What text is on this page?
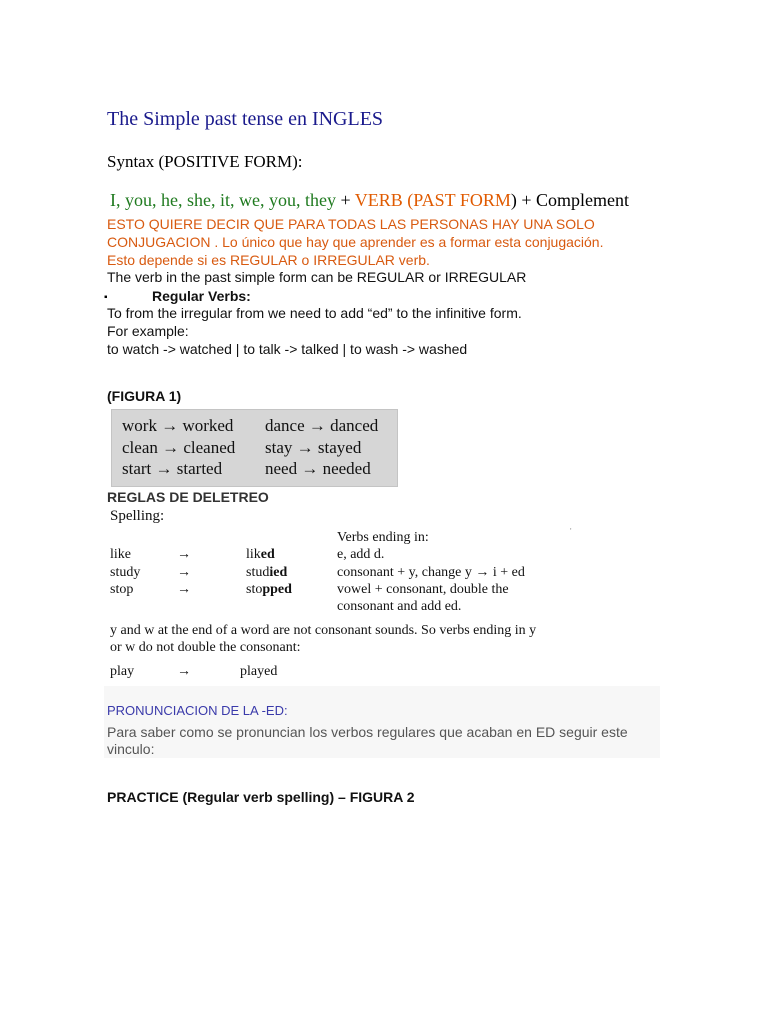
The Simple past tense en INGLES
Syntax (POSITIVE FORM):
I, you, he, she, it, we, you, they + VERB (PAST FORM) + Complement
ESTO QUIERE DECIR QUE PARA TODAS LAS PERSONAS HAY UNA SOLO
CONJUGACION . Lo único que hay que aprender es a formar esta conjugación.
Esto depende si es REGULAR o IRREGULAR verb.
The verb in the past simple form can be REGULAR or IRREGULAR
▪	Regular Verbs:
To from the irregular from we need to add “ed” to the infinitive form.
For example:
to watch -> watched | to talk -> talked | to wash -> washed
(FIGURA 1)
work → worked dance → danced
clean → cleaned stay → stayed
start → started	need → needed
REGLAS DE DELETREO
Spelling:
'
Verbs ending in:
like	→	liked	e, add d.
study	→	studied	consonant + y, change y → i + ed
stop	→	stopped	vowel + consonant, double the
consonant and add ed.
y and w at the end of a word are not consonant sounds. So verbs ending in y
or w do not double the consonant:
play	→	played
PRONUNCIACION DE LA -ED:
Para saber como se pronuncian los verbos regulares que acaban en ED seguir este vinculo:
PRACTICE (Regular verb spelling) – FIGURA 2
